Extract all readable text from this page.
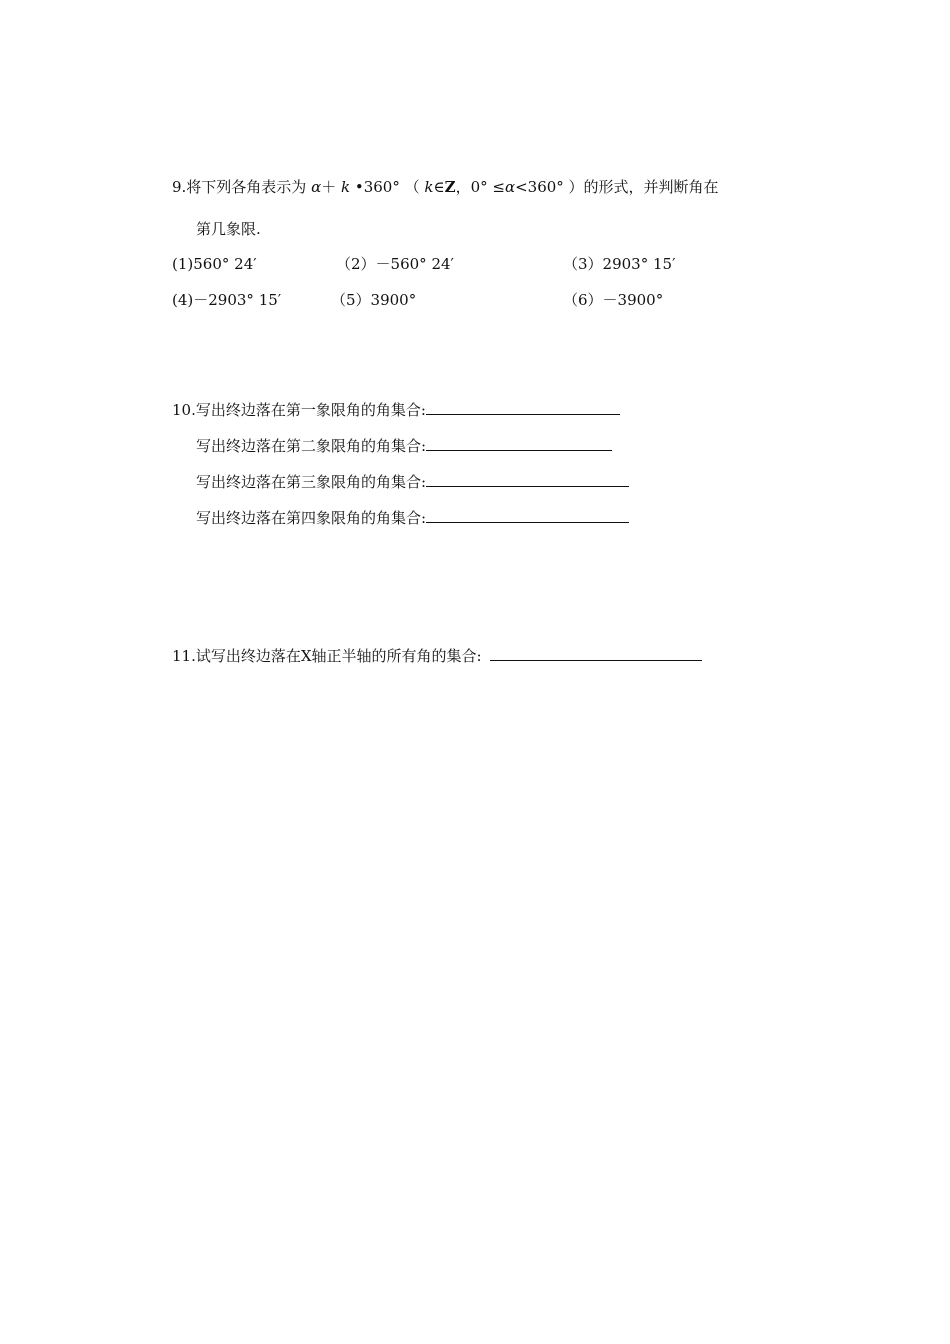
9.将下列各角表示为 α＋ k •360° （ k∈Z，0° ≤α<360° ）的形式，并判断角在
第几象限.
(1)560° 24′	（2）－560° 24′	（3）2903° 15′
(4)－2903° 15′	（5）3900°	（6）－3900°
10.写出终边落在第一象限角的角集合:
写出终边落在第二象限角的角集合:
写出终边落在第三象限角的角集合:
写出终边落在第四象限角的角集合:
11.试写出终边落在X轴正半轴的所有角的集合:
